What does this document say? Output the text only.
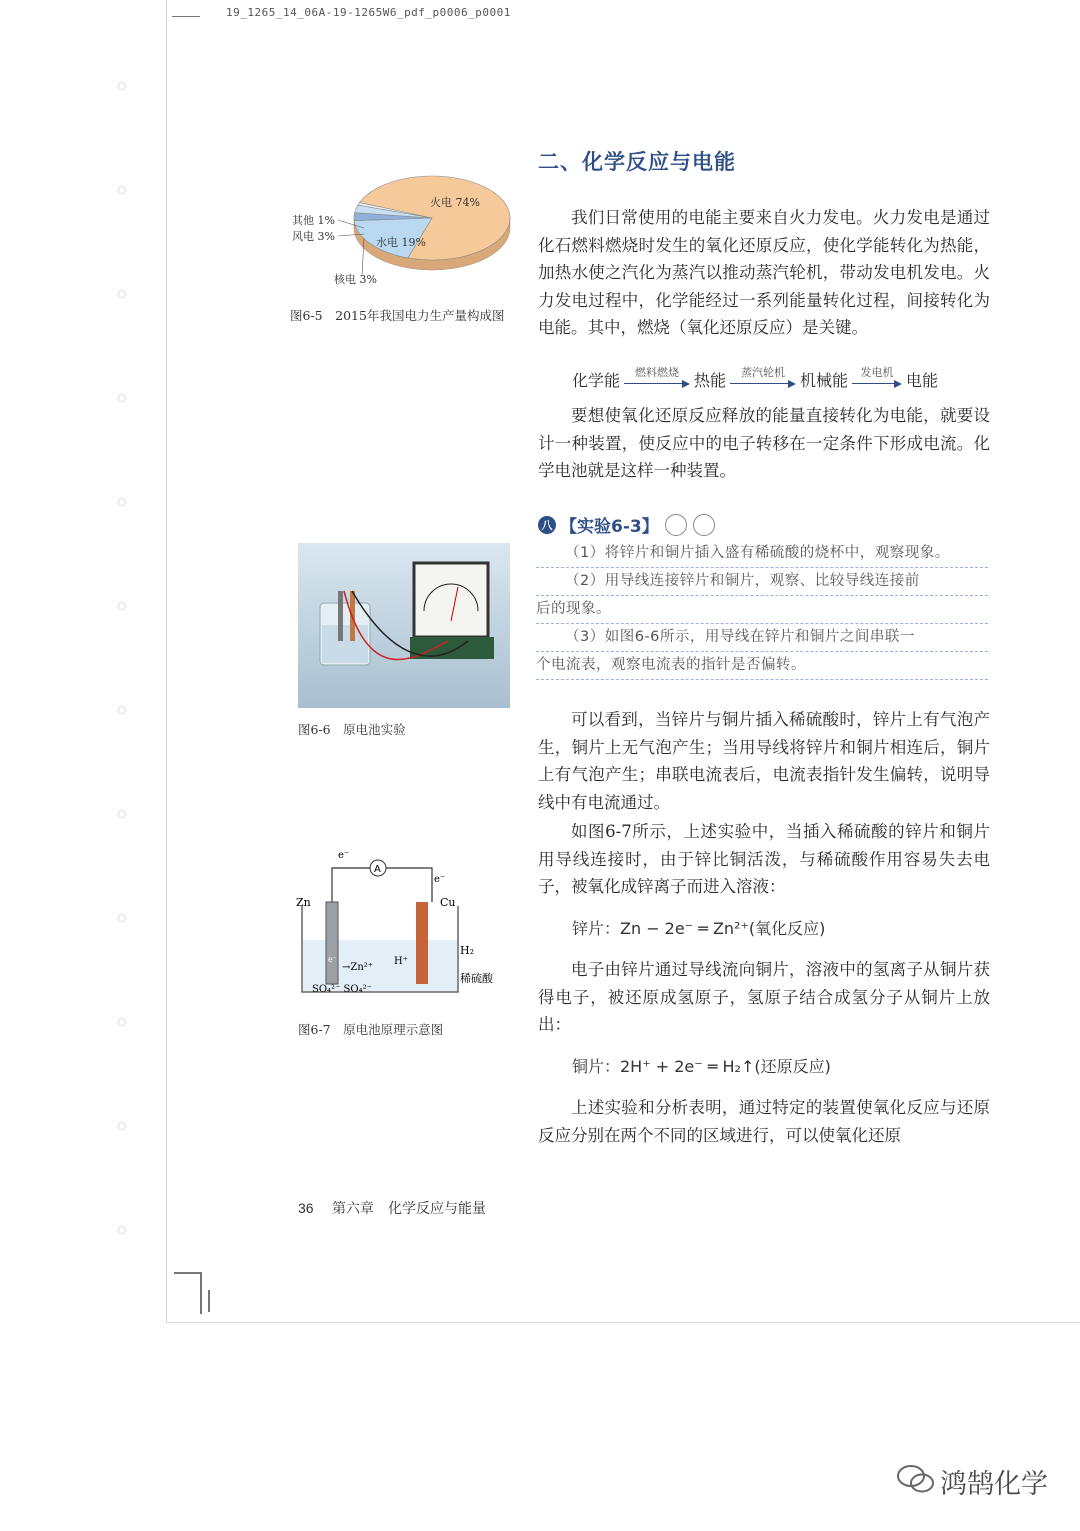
19_1265_14_06A-19-1265W6_pdf_p0006_p0001
火电 74%
水电 19%
核电 3%
风电 3%
其他 1%
图6-5　2015年我国电力生产量构成图
图6-6　原电池实验
A
e⁻
e⁻
Zn	Cu
H₂
稀硫酸
→Zn²⁺
H⁺
SO₄²⁻ SO₄²⁻
e⁻
图6-7　原电池原理示意图
二、化学反应与电能
我们日常使用的电能主要来自火力发电。火力发电是通过化石燃料燃烧时发生的氧化还原反应，使化学能转化为热能，加热水使之汽化为蒸汽以推动蒸汽轮机，带动发电机发电。火力发电过程中，化学能经过一系列能量转化过程，间接转化为电能。其中，燃烧（氧化还原反应）是关键。
化学能	燃料燃烧 热能	蒸汽轮机 机械能	发电机 电能
要想使氧化还原反应释放的能量直接转化为电能，就要设计一种装置，使反应中的电子转移在一定条件下形成电流。化学电池就是这样一种装置。
八 【实验6-3】
（1）将锌片和铜片插入盛有稀硫酸的烧杯中，观察现象。
（2）用导线连接锌片和铜片，观察、比较导线连接前
后的现象。
（3）如图6-6所示，用导线在锌片和铜片之间串联一
个电流表，观察电流表的指针是否偏转。
可以看到，当锌片与铜片插入稀硫酸时，锌片上有气泡产生，铜片上无气泡产生；当用导线将锌片和铜片相连后，铜片上有气泡产生；串联电流表后，电流表指针发生偏转，说明导线中有电流通过。
如图6-7所示，上述实验中，当插入稀硫酸的锌片和铜片用导线连接时，由于锌比铜活泼，与稀硫酸作用容易失去电子，被氧化成锌离子而进入溶液：
锌片：Zn − 2e⁻ ═ Zn²⁺(氧化反应)
电子由锌片通过导线流向铜片，溶液中的氢离子从铜片获得电子，被还原成氢原子，氢原子结合成氢分子从铜片上放出：
铜片：2H⁺ + 2e⁻ ═ H₂↑(还原反应)
上述实验和分析表明，通过特定的装置使氧化反应与还原反应分别在两个不同的区域进行，可以使氧化还原
36 第六章　化学反应与能量
鸿鹄化学
